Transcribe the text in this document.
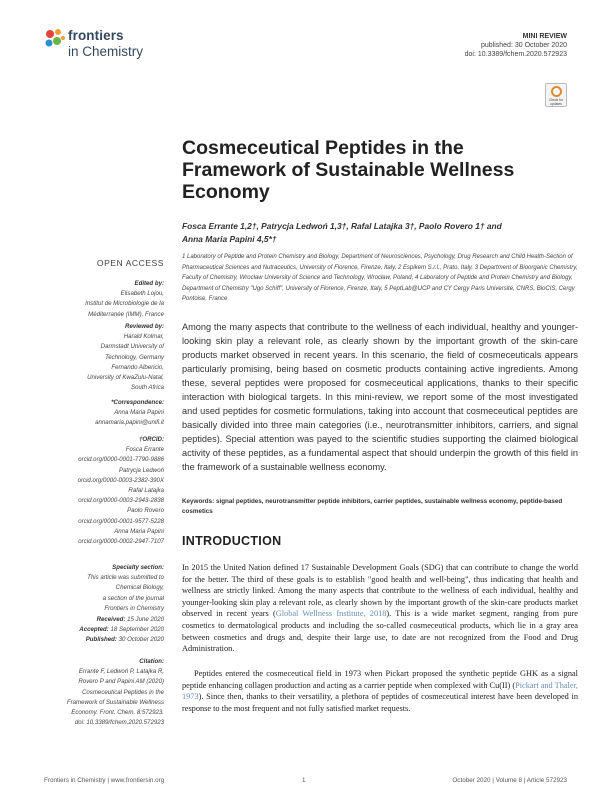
frontiers
in Chemistry
MINI REVIEW
published: 30 October 2020
doi: 10.3389/fchem.2020.572923
Check for
updates
Cosmeceutical Peptides in the Framework of Sustainable Wellness Economy
Fosca Errante 1,2†, Patrycja Ledwoń 1,3†, Rafal Latajka 3†, Paolo Rovero 1† and
Anna Maria Papini 4,5*†
1 Laboratory of Peptide and Protein Chemistry and Biology, Department of Neurosciences, Psychology, Drug Research and Child Health-Section of Pharmaceutical Sciences and Nutraceutics, University of Florence, Firenze, Italy, 2 Espikem S.r.l., Prato, Italy, 3 Department of Bioorganic Chemistry, Faculty of Chemistry, Wrocław University of Science and Technology, Wrocław, Poland, 4 Laboratory of Peptide and Protein Chemistry and Biology, Department of Chemistry "Ugo Schiff", University of Florence, Firenze, Italy, 5 PeptLab@UCP and CY Cergy Paris Université, CNRS, BioCIS, Cergy Pontoise, France
Among the many aspects that contribute to the wellness of each individual, healthy and younger-looking skin play a relevant role, as clearly shown by the important growth of the skin-care products market observed in recent years. In this scenario, the field of cosmeceuticals appears particularly promising, being based on cosmetic products containing active ingredients. Among these, several peptides were proposed for cosmeceutical applications, thanks to their specific interaction with biological targets. In this mini-review, we report some of the most investigated and used peptides for cosmetic formulations, taking into account that cosmeceutical peptides are basically divided into three main categories (i.e., neurotransmitter inhibitors, carriers, and signal peptides). Special attention was payed to the scientific studies supporting the claimed biological activity of these peptides, as a fundamental aspect that should underpin the growth of this field in the framework of a sustainable wellness economy.
Keywords: signal peptides, neurotransmitter peptide inhibitors, carrier peptides, sustainable wellness economy, peptide-based cosmetics
INTRODUCTION

In 2015 the United Nation defined 17 Sustainable Development Goals (SDG) that can contribute to change the world for the better. The third of these goals is to establish "good health and well-being", thus indicating that health and wellness are strictly linked. Among the many aspects that contribute to the wellness of each individual, healthy and younger-looking skin play a relevant role, as clearly shown by the important growth of the skin-care products market observed in recent years (Global Wellness Institute, 2018). This is a wide market segment, ranging from pure cosmetics to dermatological products and including the so-called cosmeceutical products, which lie in a gray area between cosmetics and drugs and, despite their large use, to date are not recognized from the Food and Drug Administration.

Peptides entered the cosmeceutical field in 1973 when Pickart proposed the synthetic peptide GHK as a signal peptide enhancing collagen production and acting as a carrier peptide when complexed with Cu(II) (Pickart and Thaler, 1973). Since then, thanks to their versatility, a plethora of peptides of cosmeceutical interest have been developed in response to the most frequent and not fully satisfied market requests.

OPEN ACCESS
Edited by:
Elisabeth Lojou,
Institut de Microbiologie de la
Méditerranée (IMM), France
Reviewed by:
Harald Kolmar,
Darmstadt University of
Technology, Germany
Fernando Albericio,
University of KwaZulu-Natal,
South Africa
*Correspondence:
Anna Maria Papini
annamaria.papini@unifi.it
†ORCID:
Fosca Errante
orcid.org/0000-0001-7790-9886
Patrycja Ledwoń
orcid.org/0000-0003-2382-390X
Rafal Latajka
orcid.org/0000-0003-2943-2838
Paolo Rovero
orcid.org/0000-0001-9577-5228
Anna Maria Papini
orcid.org/0000-0002-2947-7107
Specialty section:
This article was submitted to
Chemical Biology,
a section of the journal
Frontiers in Chemistry
Received: 15 June 2020
Accepted: 18 September 2020
Published: 30 October 2020
Citation:
Errante F, Ledwoń P, Latajka R,
Rovero P and Papini AM (2020)
Cosmeceutical Peptides in the
Framework of Sustainable Wellness
Economy. Front. Chem. 8:572923.
doi: 10.3389/fchem.2020.572923
Frontiers in Chemistry | www.frontiersin.org	1	October 2020 | Volume 8 | Article 572923
